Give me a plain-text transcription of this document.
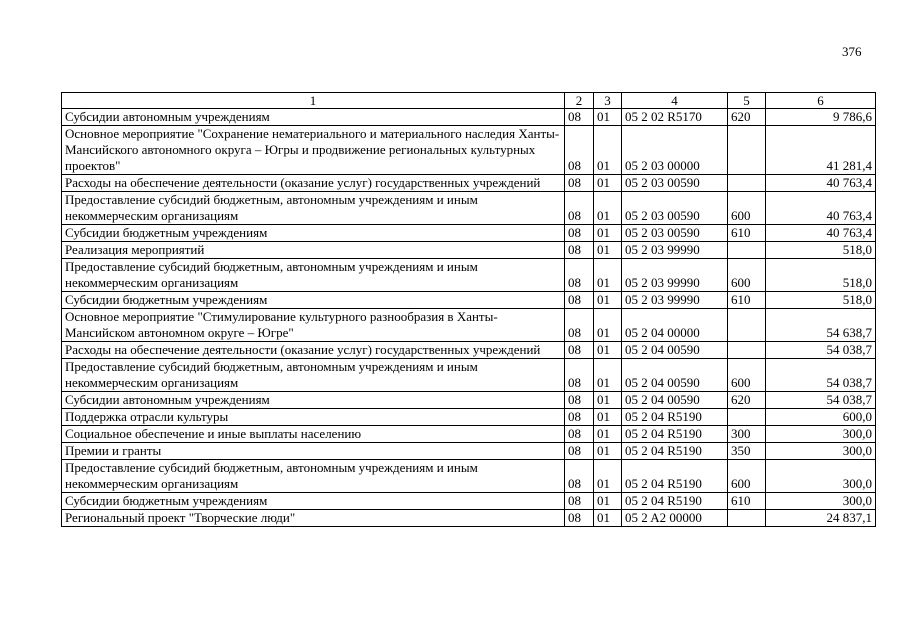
376
1	2	3	4	5	6
Субсидии автономным учреждениям	08	01	05 2 02 R5170	620	9 786,6
Основное мероприятие "Сохранение нематериального и материального наследия Ханты-Мансийского автономного округа – Югры и продвижение региональных культурных проектов"	08	01	05 2 03 00000		41 281,4
Расходы на обеспечение деятельности (оказание услуг) государственных учреждений	08	01	05 2 03 00590		40 763,4
Предоставление субсидий бюджетным, автономным учреждениям и иным некоммерческим организациям	08	01	05 2 03 00590	600	40 763,4
Субсидии бюджетным учреждениям	08	01	05 2 03 00590	610	40 763,4
Реализация мероприятий	08	01	05 2 03 99990		518,0
Предоставление субсидий бюджетным, автономным учреждениям и иным некоммерческим организациям	08	01	05 2 03 99990	600	518,0
Субсидии бюджетным учреждениям	08	01	05 2 03 99990	610	518,0
Основное мероприятие "Стимулирование культурного разнообразия в Ханты-Мансийском автономном округе – Югре"	08	01	05 2 04 00000		54 638,7
Расходы на обеспечение деятельности (оказание услуг) государственных учреждений	08	01	05 2 04 00590		54 038,7
Предоставление субсидий бюджетным, автономным учреждениям и иным некоммерческим организациям	08	01	05 2 04 00590	600	54 038,7
Субсидии автономным учреждениям	08	01	05 2 04 00590	620	54 038,7
Поддержка отрасли культуры	08	01	05 2 04 R5190		600,0
Социальное обеспечение и иные выплаты населению	08	01	05 2 04 R5190	300	300,0
Премии и гранты	08	01	05 2 04 R5190	350	300,0
Предоставление субсидий бюджетным, автономным учреждениям и иным некоммерческим организациям	08	01	05 2 04 R5190	600	300,0
Субсидии бюджетным учреждениям	08	01	05 2 04 R5190	610	300,0
Региональный проект "Творческие люди"	08	01	05 2 A2 00000		24 837,1
